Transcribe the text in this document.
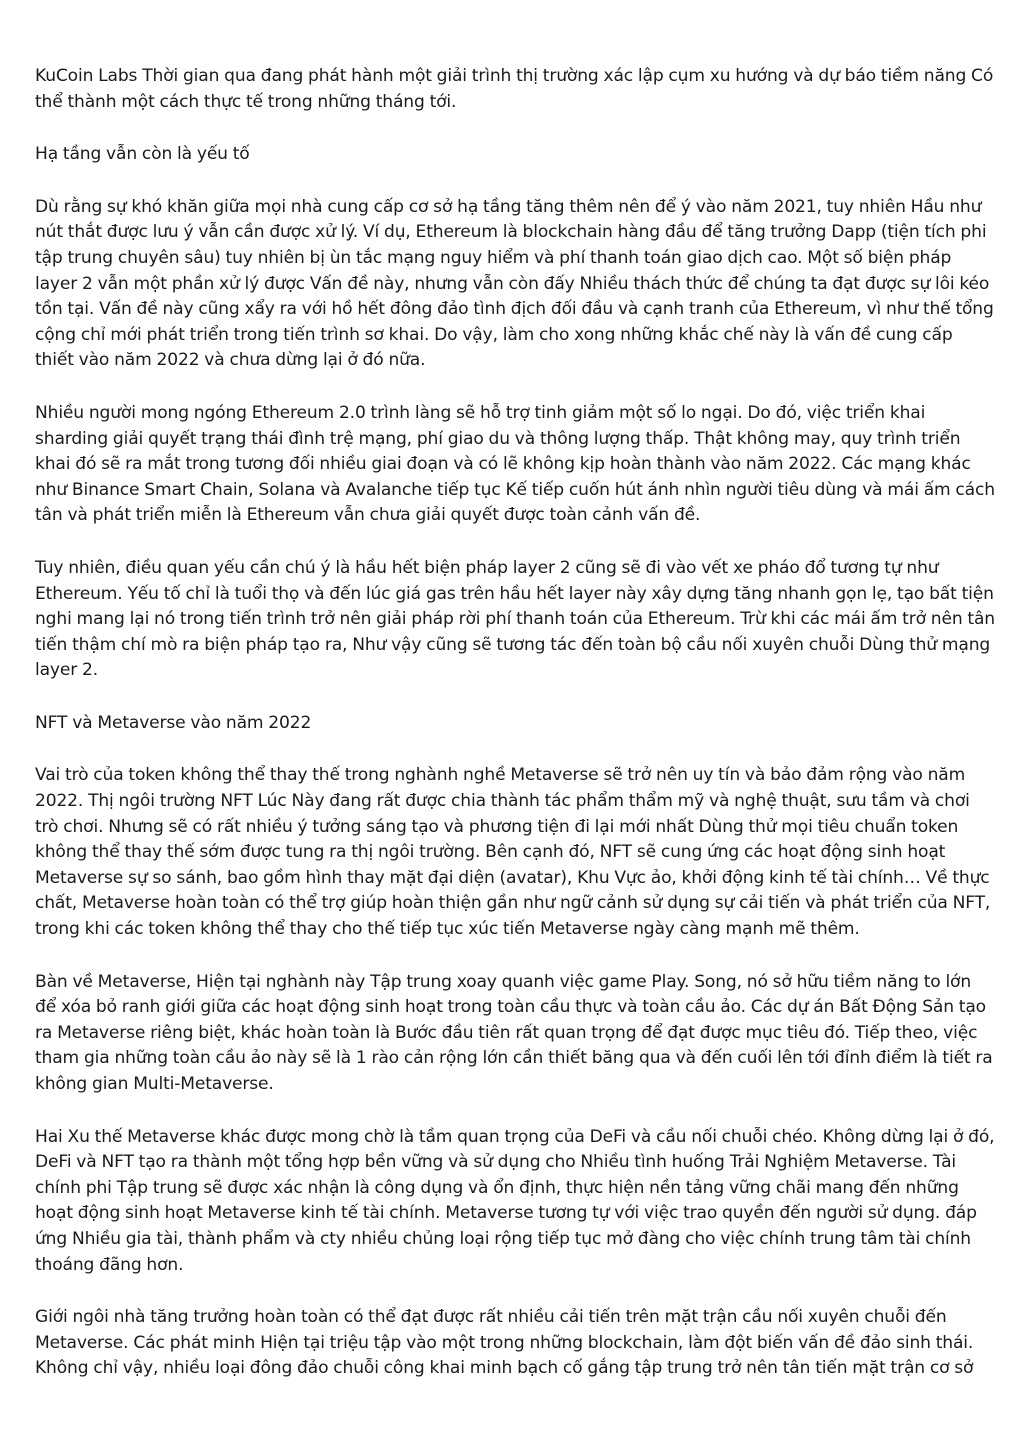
KuCoin Labs Thời gian qua đang phát hành một giải trình thị trường xác lập cụm xu hướng và dự báo tiềm năng Có thể thành một cách thực tế trong những tháng tới.

Hạ tầng vẫn còn là yếu tố

Dù rằng sự khó khăn giữa mọi nhà cung cấp cơ sở hạ tầng tăng thêm nên để ý vào năm 2021, tuy nhiên Hầu như nút thắt được lưu ý vẫn cần được xử lý. Ví dụ, Ethereum là blockchain hàng đầu để tăng trưởng Dapp (tiện tích phi tập trung chuyên sâu) tuy nhiên bị ùn tắc mạng nguy hiểm và phí thanh toán giao dịch cao. Một số biện pháp layer 2 vẫn một phần xử lý được Vấn đề này, nhưng vẫn còn đấy Nhiều thách thức để chúng ta đạt được sự lôi kéo tồn tại. Vấn đề này cũng xẩy ra với hồ hết đông đảo tình địch đối đầu và cạnh tranh của Ethereum, vì như thế tổng cộng chỉ mới phát triển trong tiến trình sơ khai. Do vậy, làm cho xong những khắc chế này là vấn đề cung cấp thiết vào năm 2022 và chưa dừng lại ở đó nữa.

Nhiều người mong ngóng Ethereum 2.0 trình làng sẽ hỗ trợ tinh giảm một số lo ngại. Do đó, việc triển khai sharding giải quyết trạng thái đình trệ mạng, phí giao du và thông lượng thấp. Thật không may, quy trình triển khai đó sẽ ra mắt trong tương đối nhiều giai đoạn và có lẽ không kịp hoàn thành vào năm 2022. Các mạng khác như Binance Smart Chain, Solana và Avalanche tiếp tục Kế tiếp cuốn hút ánh nhìn người tiêu dùng và mái ấm cách tân và phát triển miễn là Ethereum vẫn chưa giải quyết được toàn cảnh vấn đề.

Tuy nhiên, điều quan yếu cần chú ý là hầu hết biện pháp layer 2 cũng sẽ đi vào vết xe pháo đổ tương tự như Ethereum. Yếu tố chỉ là tuổi thọ và đến lúc giá gas trên hầu hết layer này xây dựng tăng nhanh gọn lẹ, tạo bất tiện nghi mang lại nó trong tiến trình trở nên giải pháp rời phí thanh toán của Ethereum. Trừ khi các mái ấm trở nên tân tiến thậm chí mò ra biện pháp tạo ra, Như vậy cũng sẽ tương tác đến toàn bộ cầu nối xuyên chuỗi Dùng thử mạng layer 2.

NFT và Metaverse vào năm 2022

Vai trò của token không thể thay thế trong nghành nghề Metaverse sẽ trở nên uy tín và bảo đảm rộng vào năm 2022. Thị ngôi trường NFT Lúc Này đang rất được chia thành tác phẩm thẩm mỹ và nghệ thuật, sưu tầm và chơi trò chơi. Nhưng sẽ có rất nhiều ý tưởng sáng tạo và phương tiện đi lại mới nhất Dùng thử mọi tiêu chuẩn token không thể thay thế sớm được tung ra thị ngôi trường. Bên cạnh đó, NFT sẽ cung ứng các hoạt động sinh hoạt Metaverse sự so sánh, bao gồm hình thay mặt đại diện (avatar), Khu Vực ảo, khởi động kinh tế tài chính… Về thực chất, Metaverse hoàn toàn có thể trợ giúp hoàn thiện gần như ngữ cảnh sử dụng sự cải tiến và phát triển của NFT, trong khi các token không thể thay cho thế tiếp tục xúc tiến Metaverse ngày càng mạnh mẽ thêm.

Bàn về Metaverse, Hiện tại nghành này Tập trung xoay quanh việc game Play. Song, nó sở hữu tiềm năng to lớn để xóa bỏ ranh giới giữa các hoạt động sinh hoạt trong toàn cầu thực và toàn cầu ảo. Các dự án Bất Động Sản tạo ra Metaverse riêng biệt, khác hoàn toàn là Bước đầu tiên rất quan trọng để đạt được mục tiêu đó. Tiếp theo, việc tham gia những toàn cầu ảo này sẽ là 1 rào cản rộng lớn cần thiết băng qua và đến cuối lên tới đỉnh điểm là tiết ra không gian Multi-Metaverse.

Hai Xu thế Metaverse khác được mong chờ là tầm quan trọng của DeFi và cầu nối chuỗi chéo. Không dừng lại ở đó, DeFi và NFT tạo ra thành một tổng hợp bền vững và sử dụng cho Nhiều tình huống Trải Nghiệm Metaverse. Tài chính phi Tập trung sẽ được xác nhận là công dụng và ổn định, thực hiện nền tảng vững chãi mang đến những hoạt động sinh hoạt Metaverse kinh tế tài chính. Metaverse tương tự với việc trao quyền đến người sử dụng. đáp ứng Nhiều gia tài, thành phẩm và cty nhiều chủng loại rộng tiếp tục mở đàng cho việc chính trung tâm tài chính thoáng đãng hơn.

Giới ngôi nhà tăng trưởng hoàn toàn có thể đạt được rất nhiều cải tiến trên mặt trận cầu nối xuyên chuỗi đến Metaverse. Các phát minh Hiện tại triệu tập vào một trong những blockchain, làm đột biến vấn đề đảo sinh thái. Không chỉ vậy, nhiều loại đông đảo chuỗi công khai minh bạch cố gắng tập trung trở nên tân tiến mặt trận cơ sở
